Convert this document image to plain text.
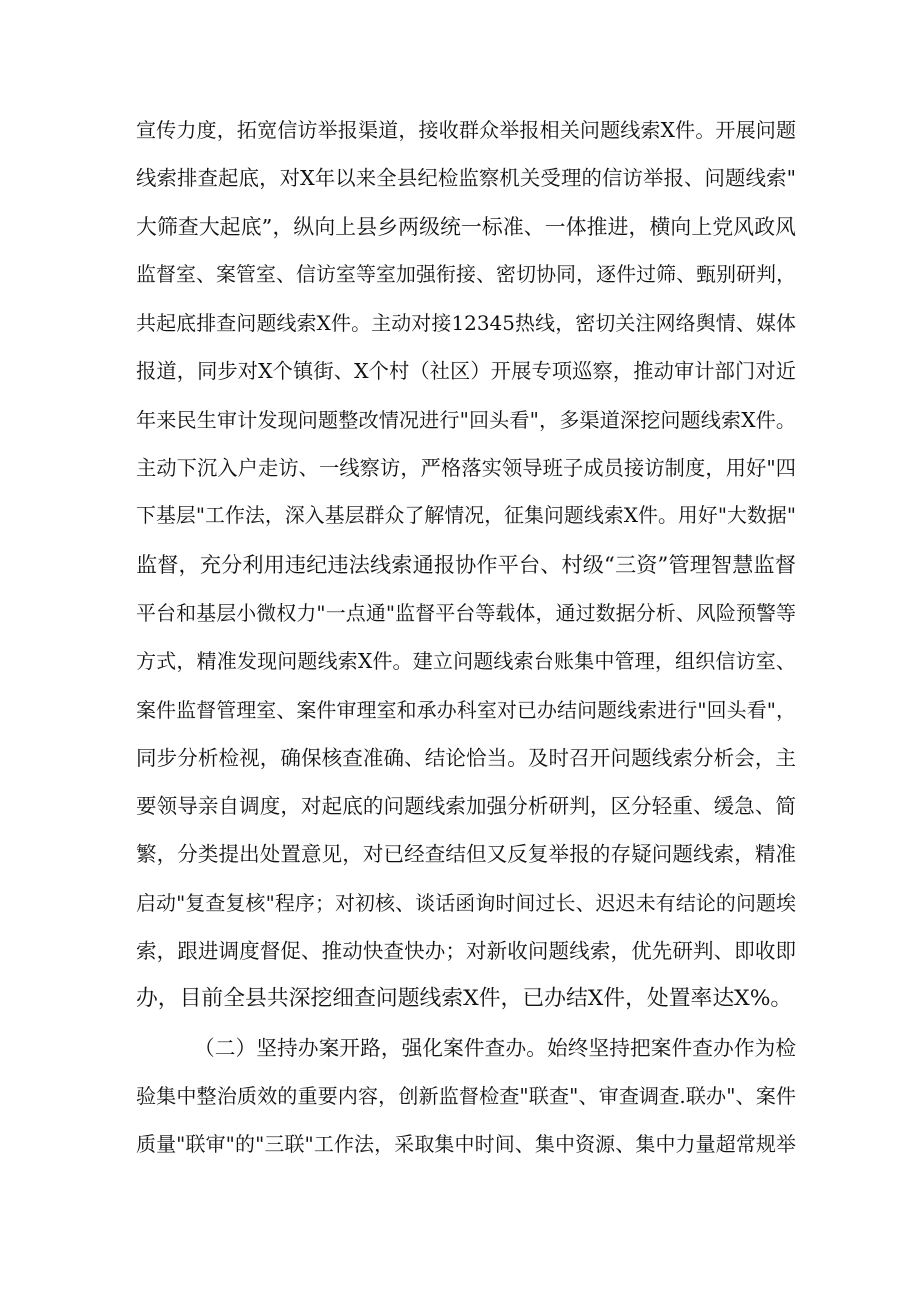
宣传力度，拓宽信访举报渠道，接收群众举报相关问题线索X件。开展问题
线索排查起底，对X年以来全县纪检监察机关受理的信访举报、问题线索"
大筛查大起底”，纵向上县乡两级统一标准、一体推进，横向上党风政风
监督室、案管室、信访室等室加强衔接、密切协同，逐件过筛、甄别研判，
共起底排查问题线索X件。主动对接12345热线，密切关注网络舆情、媒体
报道，同步对X个镇街、X个村（社区）开展专项巡察，推动审计部门对近
年来民生审计发现问题整改情况进行"回头看"，多渠道深挖问题线索X件。
主动下沉入户走访、一线察访，严格落实领导班子成员接访制度，用好"四
下基层"工作法，深入基层群众了解情况，征集问题线索X件。用好"大数据"
监督，充分利用违纪违法线索通报协作平台、村级“三资”管理智慧监督
平台和基层小微权力"一点通"监督平台等载体，通过数据分析、风险预警等
方式，精准发现问题线索X件。建立问题线索台账集中管理，组织信访室、
案件监督管理室、案件审理室和承办科室对已办结问题线索进行"回头看"，
同步分析检视，确保核查准确、结论恰当。及时召开问题线索分析会，主
要领导亲自调度，对起底的问题线索加强分析研判，区分轻重、缓急、简
繁，分类提出处置意见，对已经查结但又反复举报的存疑问题线索，精准
启动"复查复核"程序；对初核、谈话函询时间过长、迟迟未有结论的问题埃
索，跟进调度督促、推动快查快办；对新收问题线索，优先研判、即收即
办，目前全县共深挖细查问题线索X件，已办结X件，处置率达X%。
（二）坚持办案开路，强化案件查办。始终坚持把案件查办作为检
验集中整治质效的重要内容，创新监督检查"联查"、审查调查.联办"、案件
质量"联审"的"三联"工作法，采取集中时间、集中资源、集中力量超常规举
